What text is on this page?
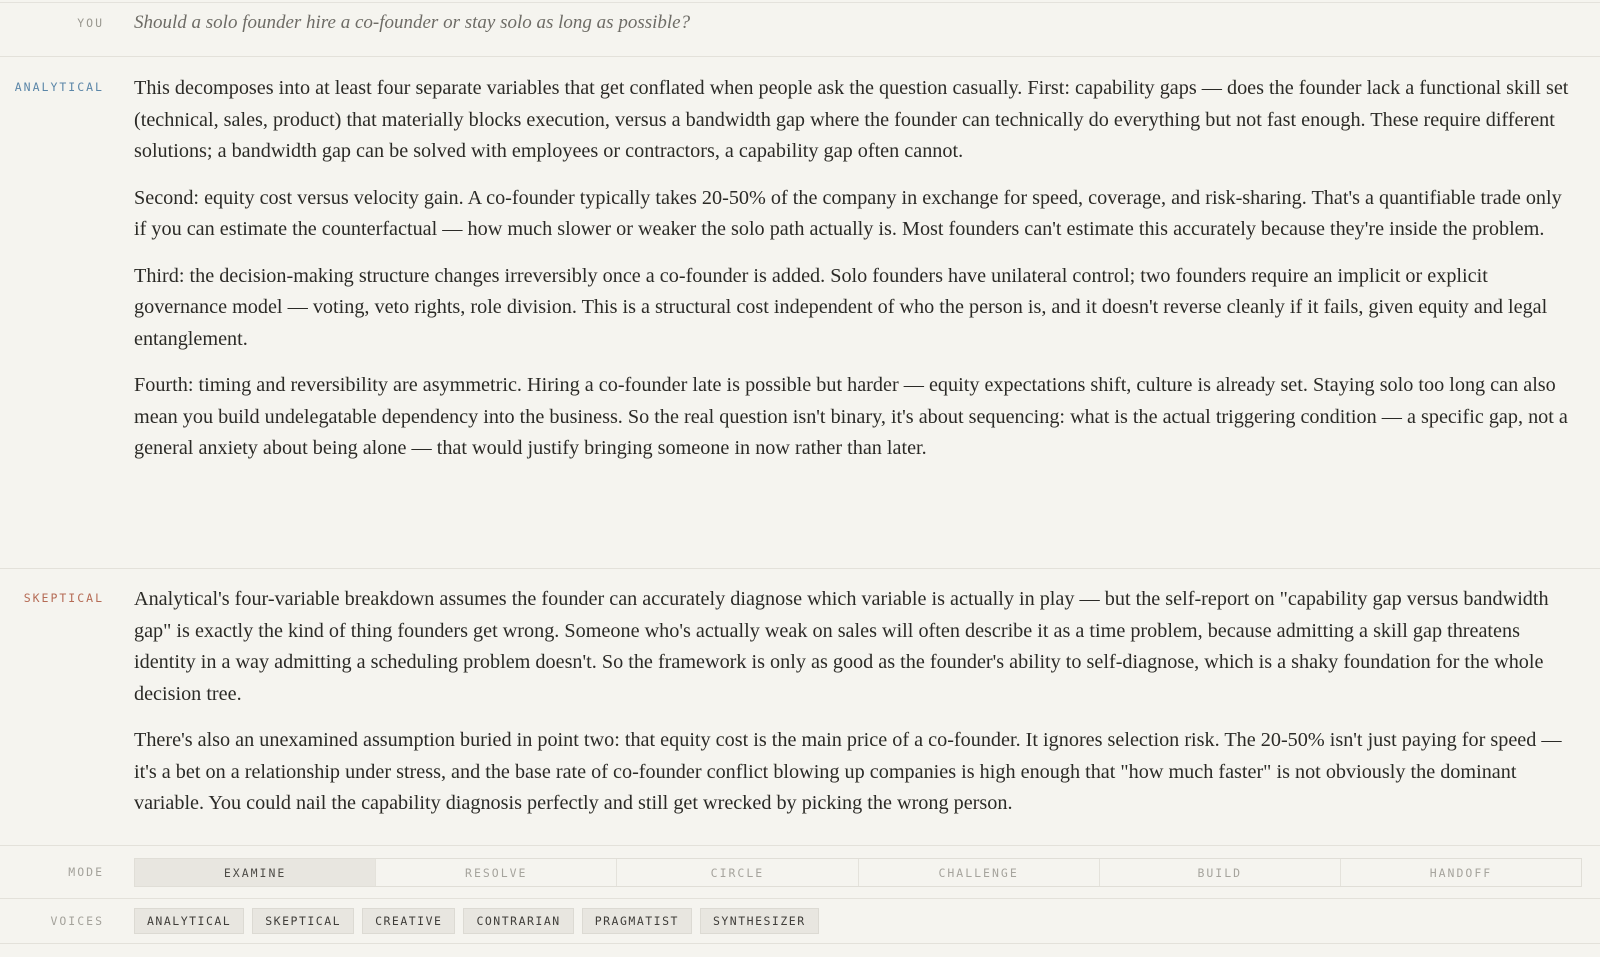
YOU Should a solo founder hire a co-founder or stay solo as long as possible?
ANALYTICAL This decomposes into at least four separate variables that get conflated when people ask the question casually. First: capability gaps — does the founder lack a functional skill set (technical, sales, product) that materially blocks execution, versus a bandwidth gap where the founder can technically do everything but not fast enough. These require different solutions; a bandwidth gap can be solved with employees or contractors, a capability gap often cannot.

Second: equity cost versus velocity gain. A co-founder typically takes 20-50% of the company in exchange for speed, coverage, and risk-sharing. That's a quantifiable trade only if you can estimate the counterfactual — how much slower or weaker the solo path actually is. Most founders can't estimate this accurately because they're inside the problem.

Third: the decision-making structure changes irreversibly once a co-founder is added. Solo founders have unilateral control; two founders require an implicit or explicit governance model — voting, veto rights, role division. This is a structural cost independent of who the person is, and it doesn't reverse cleanly if it fails, given equity and legal entanglement.

Fourth: timing and reversibility are asymmetric. Hiring a co-founder late is possible but harder — equity expectations shift, culture is already set. Staying solo too long can also mean you build undelegatable dependency into the business. So the real question isn't binary, it's about sequencing: what is the actual triggering condition — a specific gap, not a general anxiety about being alone — that would justify bringing someone in now rather than later.

SKEPTICAL Analytical's four-variable breakdown assumes the founder can accurately diagnose which variable is actually in play — but the self-report on "capability gap versus bandwidth gap" is exactly the kind of thing founders get wrong. Someone who's actually weak on sales will often describe it as a time problem, because admitting a skill gap threatens identity in a way admitting a scheduling problem doesn't. So the framework is only as good as the founder's ability to self-diagnose, which is a shaky foundation for the whole decision tree.

There's also an unexamined assumption buried in point two: that equity cost is the main price of a co-founder. It ignores selection risk. The 20-50% isn't just paying for speed — it's a bet on a relationship under stress, and the base rate of co-founder conflict blowing up companies is high enough that "how much faster" is not obviously the dominant variable. You could nail the capability diagnosis perfectly and still get wrecked by picking the wrong person.

MODE	EXAMINE	RESOLVE	CIRCLE	CHALLENGE	BUILD	HANDOFF
VOICES	ANALYTICAL	SKEPTICAL	CREATIVE	CONTRARIAN	PRAGMATIST	SYNTHESIZER
